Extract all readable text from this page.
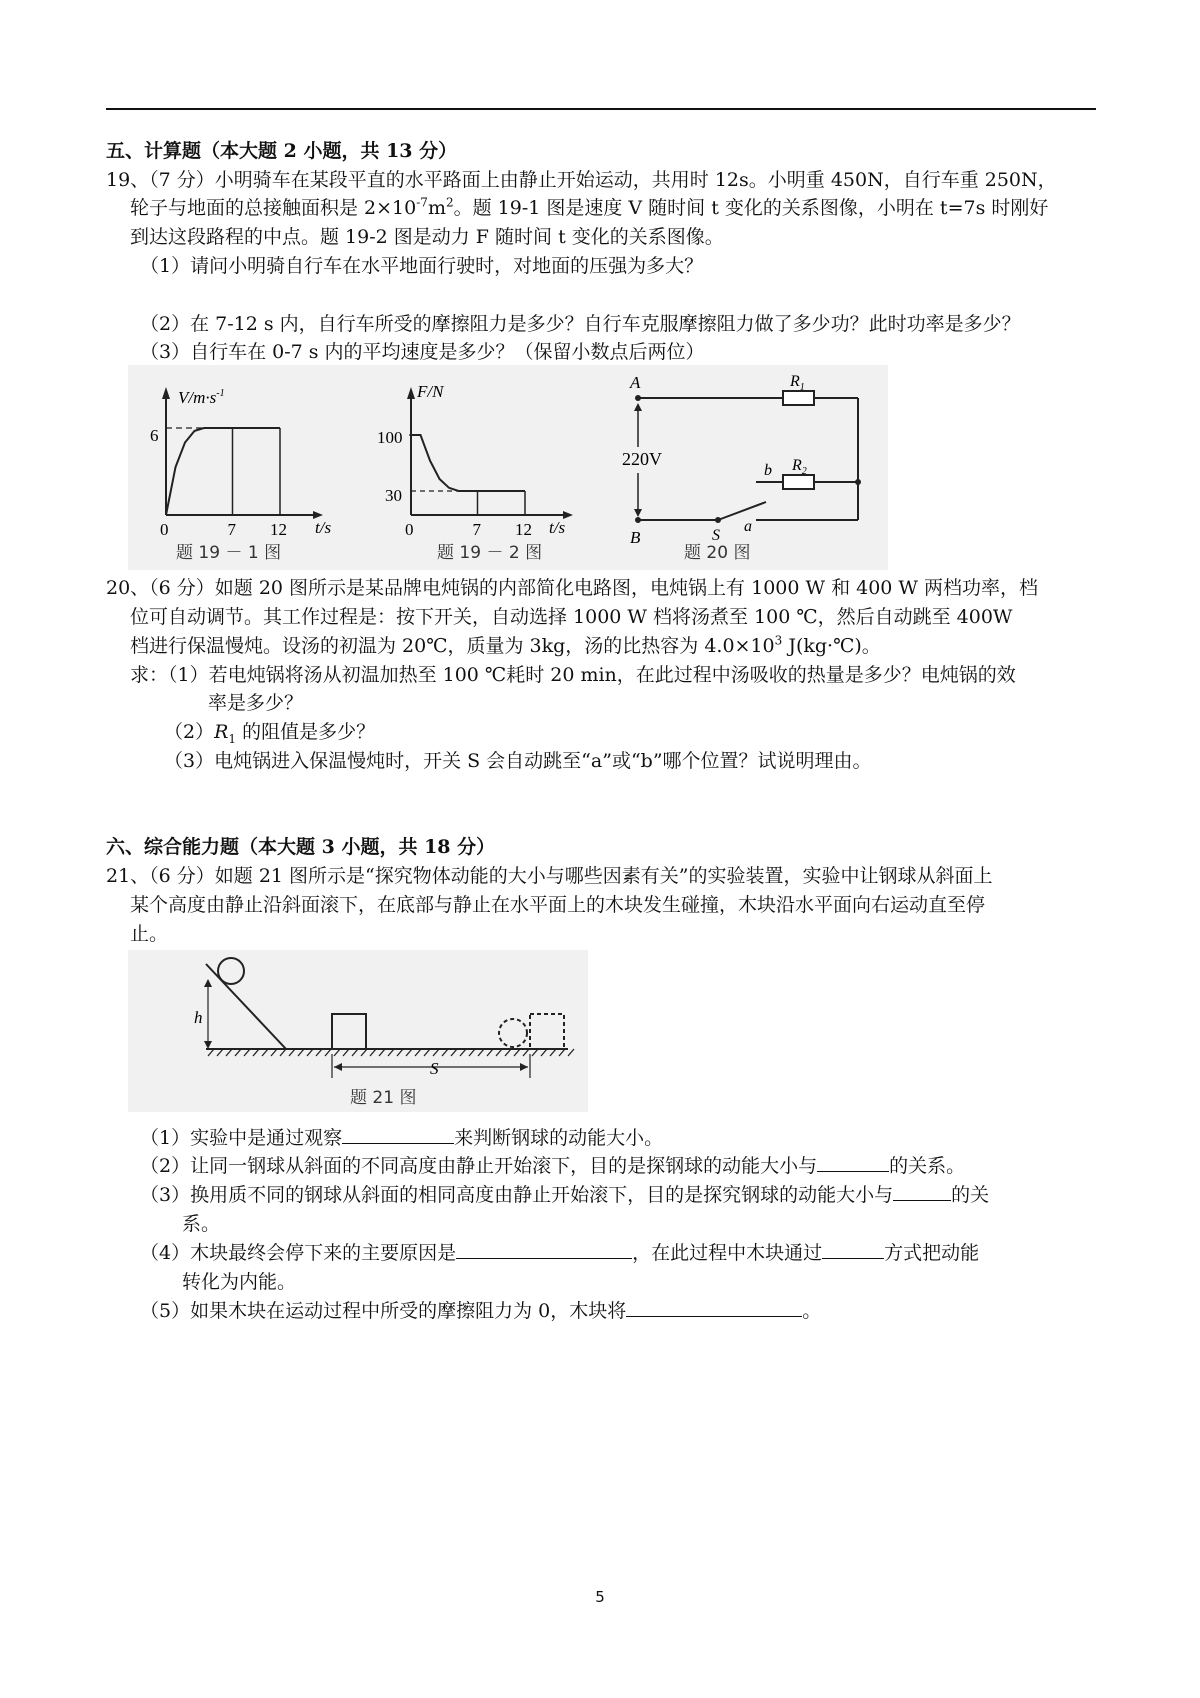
五、计算题（本大题 2 小题，共 13 分）
19、（7 分）小明骑车在某段平直的水平路面上由静止开始运动，共用时 12s。小明重 450N，自行车重 250N，
轮子与地面的总接触面积是 $2\times 10^{-7}m^2$。题 19-1 图是速度 V 随时间 t 变化的关系图像，小明在 t=7s 时刚好
到达这段路程的中点。题 19-2 图是动力 F 随时间 t 变化的关系图像。
（1）请问小明骑自行车在水平地面行驶时，对地面的压强为多大？
（2）在 7-12 s 内，自行车所受的摩擦阻力是多少？自行车克服摩擦阻力做了多少功？此时功率是多少？
（3）自行车在 0-7 s 内的平均速度是多少？（保留小数点后两位）
$V/m\cdot s^{-1}$
6
0	7 12 t/s
题 19 － 1 图
F/N
100
30
0	7 12 t/s
题 19 － 2 图
A
B
220V
$R_1$
$R_2$
b
S
a
题 20 图
20、（6 分）如题 20 图所示是某品牌电炖锅的内部简化电路图，电炖锅上有 1000 W 和 400 W 两档功率，档
位可自动调节。其工作过程是：按下开关，自动选择 1000 W 档将汤煮至 100 ℃，然后自动跳至 400W
档进行保温慢炖。设汤的初温为 20℃，质量为 3kg，汤的比热容为 $4.0\times 10^3$ J(kg·℃)。
求：（1）若电炖锅将汤从初温加热至 100 ℃耗时 20 min，在此过程中汤吸收的热量是多少？电炖锅的效
率是多少？
$(2)R_1$ 的阻值是多少？
（3）电炖锅进入保温慢炖时，开关 S 会自动跳至“a”或“b”哪个位置？试说明理由。
六、综合能力题（本大题 3 小题，共 18 分）
21、（6 分）如题 21 图所示是“探究物体动能的大小与哪些因素有关”的实验装置，实验中让钢球从斜面上
某个高度由静止沿斜面滚下，在底部与静止在水平面上的木块发生碰撞，木块沿水平面向右运动直至停
止。
h
S
题 21 图
（1）实验中是通过观察	来判断钢球的动能大小。
（2）让同一钢球从斜面的不同高度由静止开始滚下，目的是探钢球的动能大小与	的关系。
（3）换用质不同的钢球从斜面的相同高度由静止开始滚下，目的是探究钢球的动能大小与	的关
系。
（4）木块最终会停下来的主要原因是	，在此过程中木块通过	方式把动能
转化为内能。
（5）如果木块在运动过程中所受的摩擦阻力为 0，木块将	。
5
